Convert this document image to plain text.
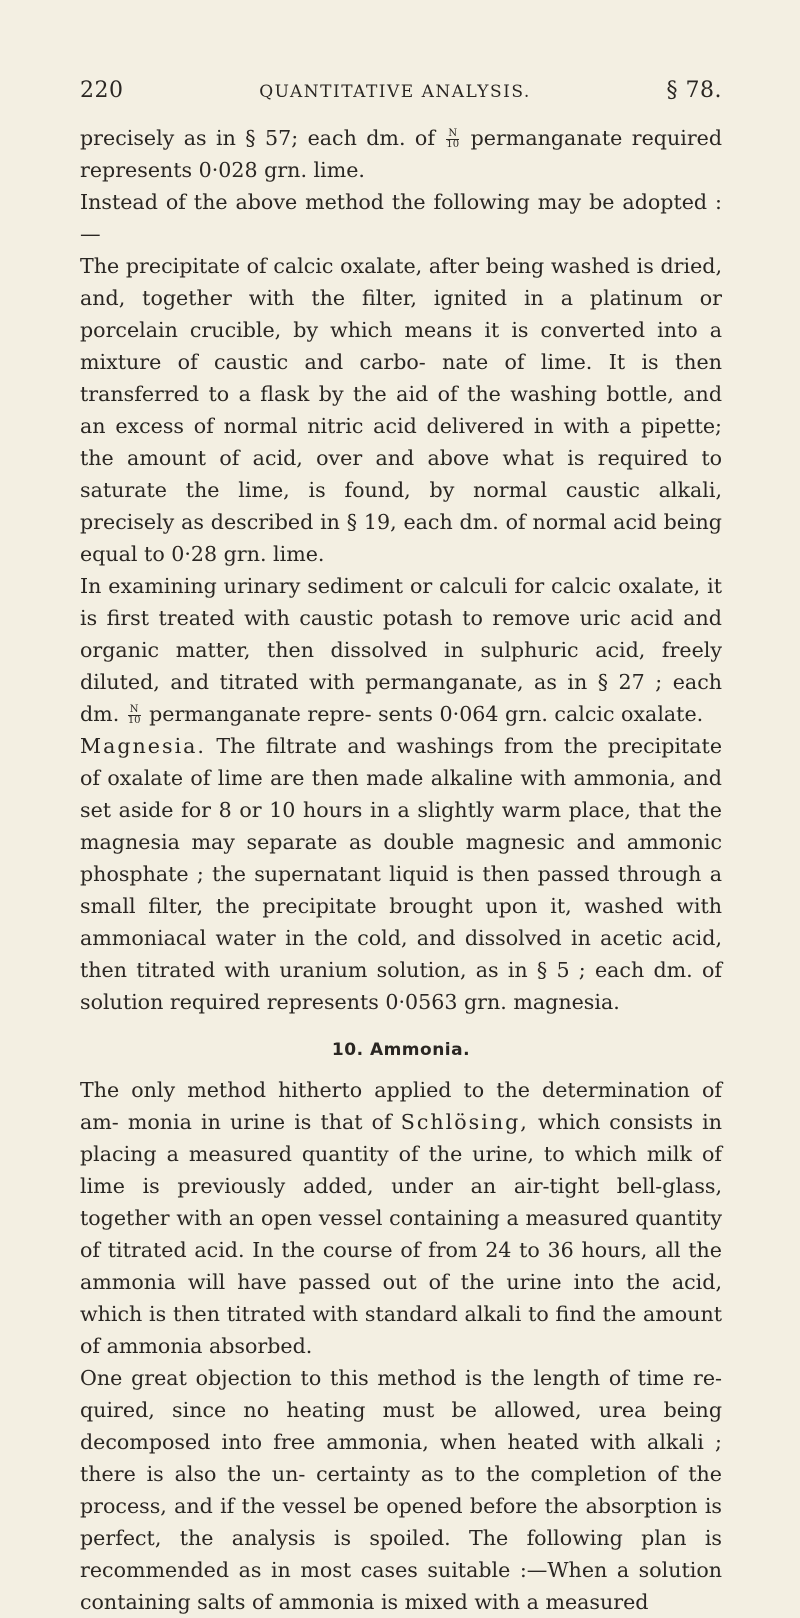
220	QUANTITATIVE ANALYSIS.	§ 78.

precisely as in § 57; each dm. of $\frac{N}{10}$ permanganate required represents 0·028 grn. lime.

Instead of the above method the following may be adopted :—

The precipitate of calcic oxalate, after being washed is dried, and, together with the filter, ignited in a platinum or porcelain crucible, by which means it is converted into a mixture of caustic and carbo- nate of lime. It is then transferred to a flask by the aid of the washing bottle, and an excess of normal nitric acid delivered in with a pipette; the amount of acid, over and above what is required to saturate the lime, is found, by normal caustic alkali, precisely as described in § 19, each dm. of normal acid being equal to 0·28 grn. lime.

In examining urinary sediment or calculi for calcic oxalate, it is first treated with caustic potash to remove uric acid and organic matter, then dissolved in sulphuric acid, freely diluted, and titrated with permanganate, as in § 27 ; each dm. $\frac{N}{10}$ permanganate repre- sents 0·064 grn. calcic oxalate.

Magnesia. The filtrate and washings from the precipitate of oxalate of lime are then made alkaline with ammonia, and set aside for 8 or 10 hours in a slightly warm place, that the magnesia may separate as double magnesic and ammonic phosphate ; the supernatant liquid is then passed through a small filter, the precipitate brought upon it, washed with ammoniacal water in the cold, and dissolved in acetic acid, then titrated with uranium solution, as in § 5 ; each dm. of solution required represents 0·0563 grn. magnesia.

10. Ammonia.

The only method hitherto applied to the determination of am- monia in urine is that of Schlösing, which consists in placing a measured quantity of the urine, to which milk of lime is previously added, under an air-tight bell-glass, together with an open vessel containing a measured quantity of titrated acid. In the course of from 24 to 36 hours, all the ammonia will have passed out of the urine into the acid, which is then titrated with standard alkali to find the amount of ammonia absorbed.

One great objection to this method is the length of time re- quired, since no heating must be allowed, urea being decomposed into free ammonia, when heated with alkali ; there is also the un- certainty as to the completion of the process, and if the vessel be opened before the absorption is perfect, the analysis is spoiled. The following plan is recommended as in most cases suitable :—When a solution containing salts of ammonia is mixed with a measured
